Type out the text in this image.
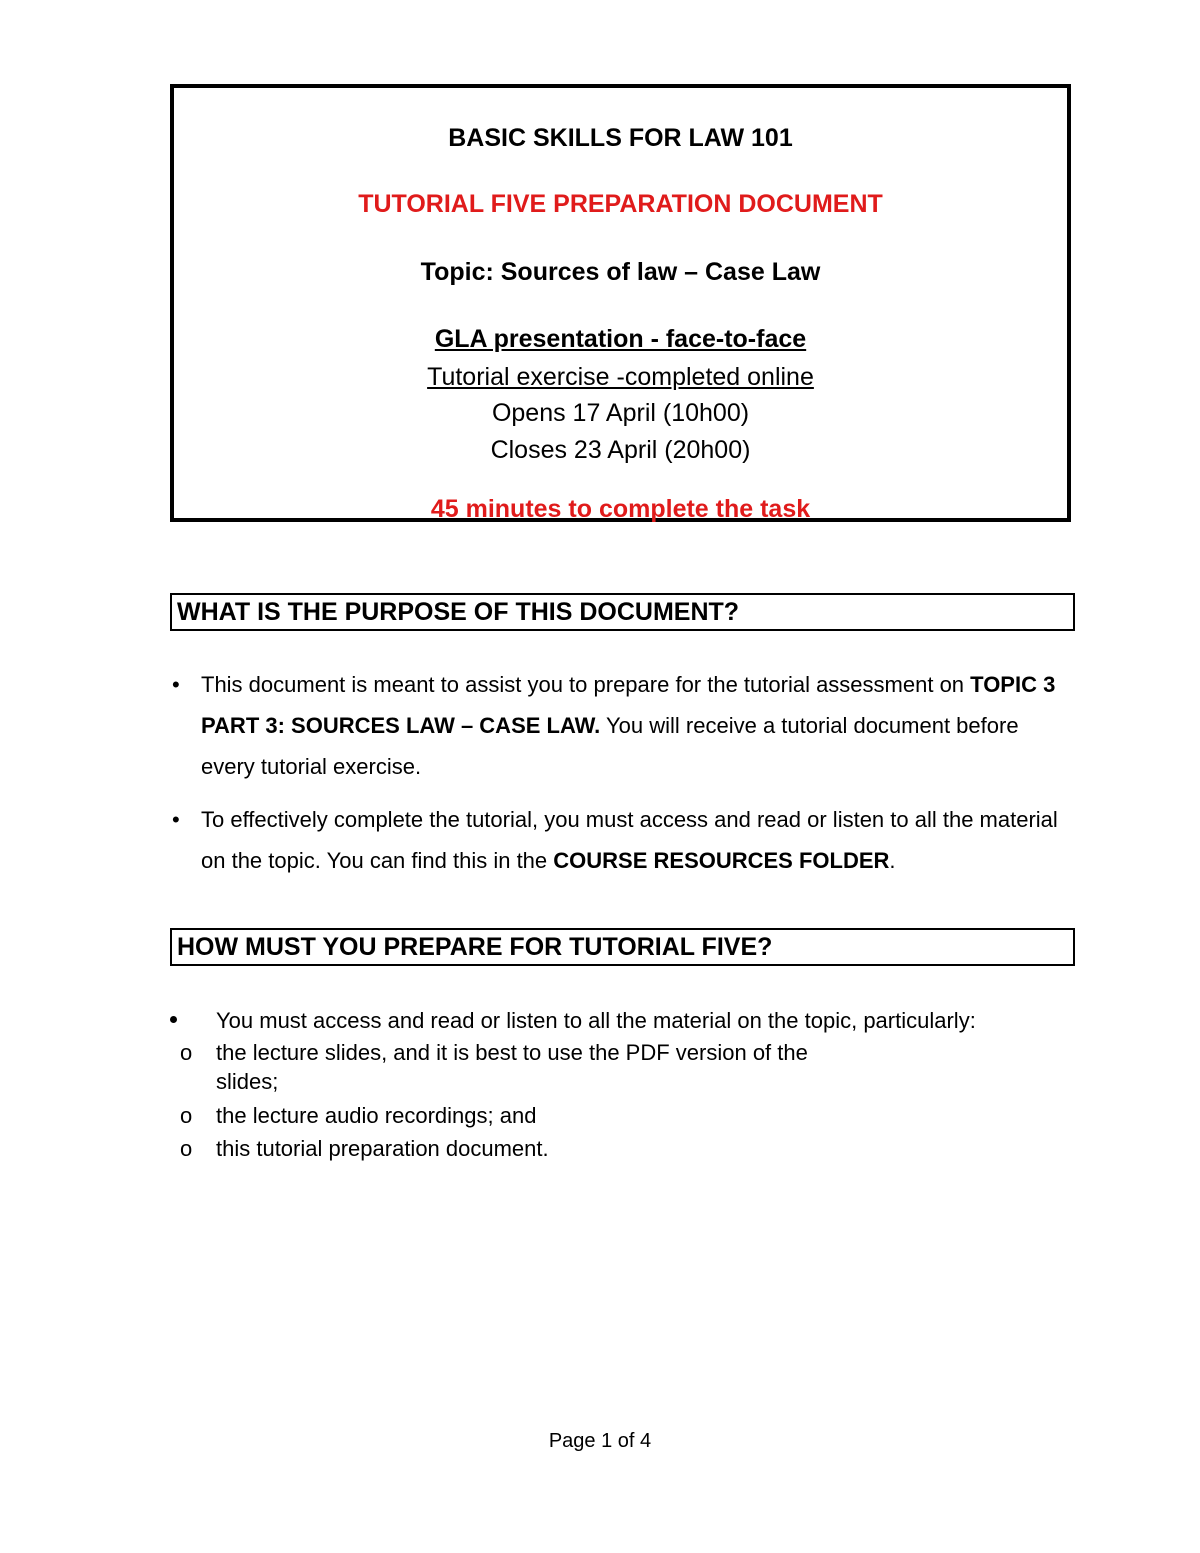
BASIC SKILLS FOR LAW 101
TUTORIAL FIVE PREPARATION DOCUMENT
Topic: Sources of law – Case Law
GLA presentation - face-to-face
Tutorial exercise -completed online
Opens 17 April (10h00)
Closes 23 April (20h00)
45 minutes to complete the task
WHAT IS THE PURPOSE OF THIS DOCUMENT?
• This document is meant to assist you to prepare for the tutorial assessment on TOPIC 3 PART 3: SOURCES LAW – CASE LAW. You will receive a tutorial document before every tutorial exercise.
• To effectively complete the tutorial, you must access and read or listen to all the material on the topic. You can find this in the COURSE RESOURCES FOLDER.
HOW MUST YOU PREPARE FOR TUTORIAL FIVE?
You must access and read or listen to all the material on the topic, particularly:
o the lecture slides, and it is best to use the PDF version of the
slides;
o the lecture audio recordings; and
o this tutorial preparation document.
Page 1 of 4
